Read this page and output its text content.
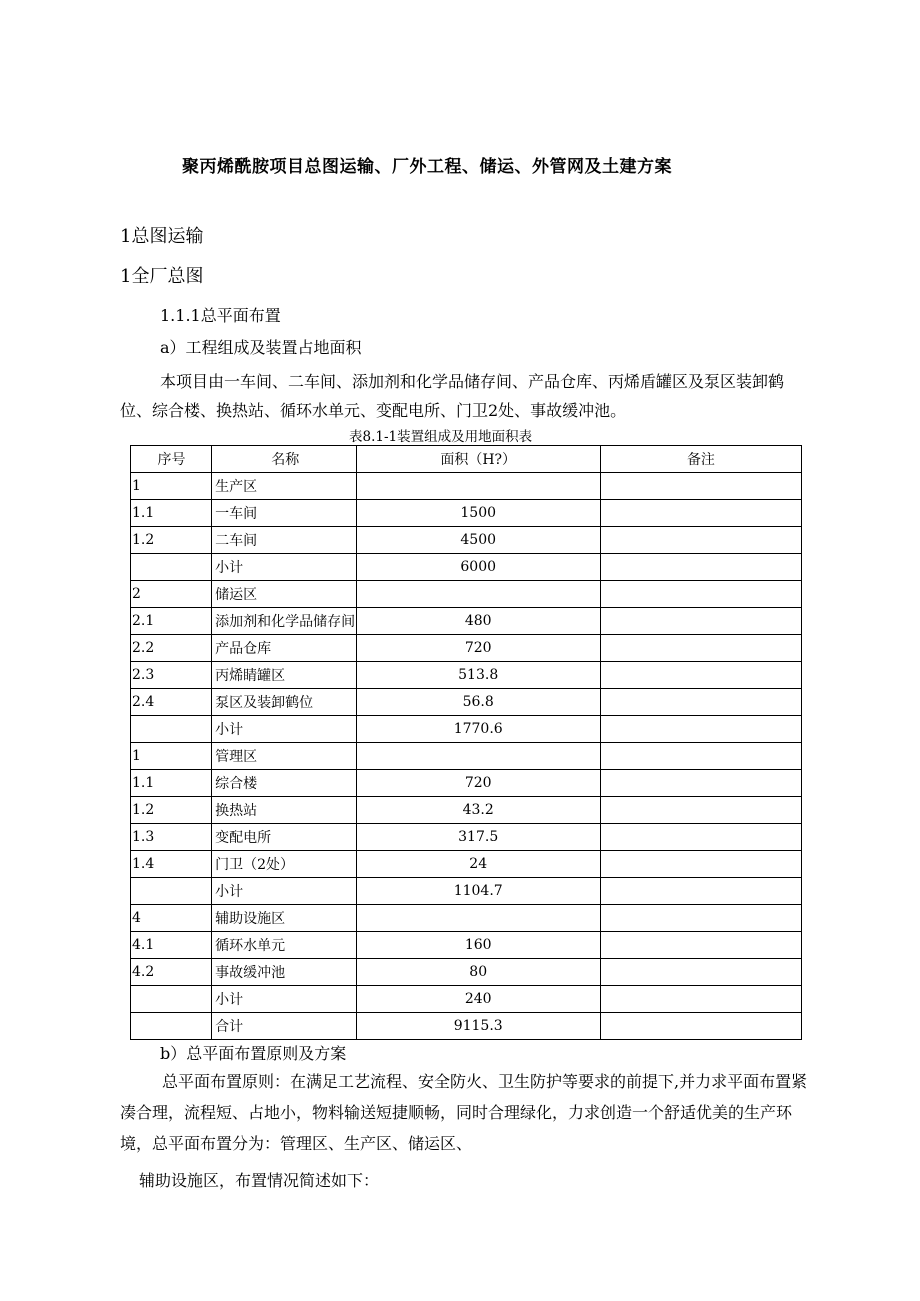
聚丙烯酰胺项目总图运输、厂外工程、储运、外管网及土建方案
1总图运输
1全厂总图
1.1.1总平面布置
a）工程组成及装置占地面积
本项目由一车间、二车间、添加剂和化学品储存间、产品仓库、丙烯盾罐区及泵区装卸鹤位、综合楼、换热站、循环水单元、变配电所、门卫2处、事故缓冲池。
表8.1-1装置组成及用地面积表
序号	名称	面积（H?）	备注
1	生产区		
1.1	一车间	1500	
1.2	二车间	4500	
	小计	6000	
2	储运区		
2.1	添加剂和化学品储存间	480	
2.2	产品仓库	720	
2.3	丙烯睛罐区	513.8	
2.4	泵区及装卸鹤位	56.8	
	小计	1770.6	
1	管理区		
1.1	综合楼	720	
1.2	换热站	43.2	
1.3	变配电所	317.5	
1.4	门卫（2处）	24	
	小计	1104.7	
4	辅助设施区		
4.1	循环水单元	160	
4.2	事故缓冲池	80	
	小计	240	
	合计	9115.3	
b）总平面布置原则及方案
总平面布置原则：在满足工艺流程、安全防火、卫生防护等要求的前提下,并力求平面布置紧凑合理，流程短、占地小，物料输送短捷顺畅，同时合理绿化，力求创造一个舒适优美的生产环境，总平面布置分为：管理区、生产区、储运区、
辅助设施区，布置情况简述如下：
